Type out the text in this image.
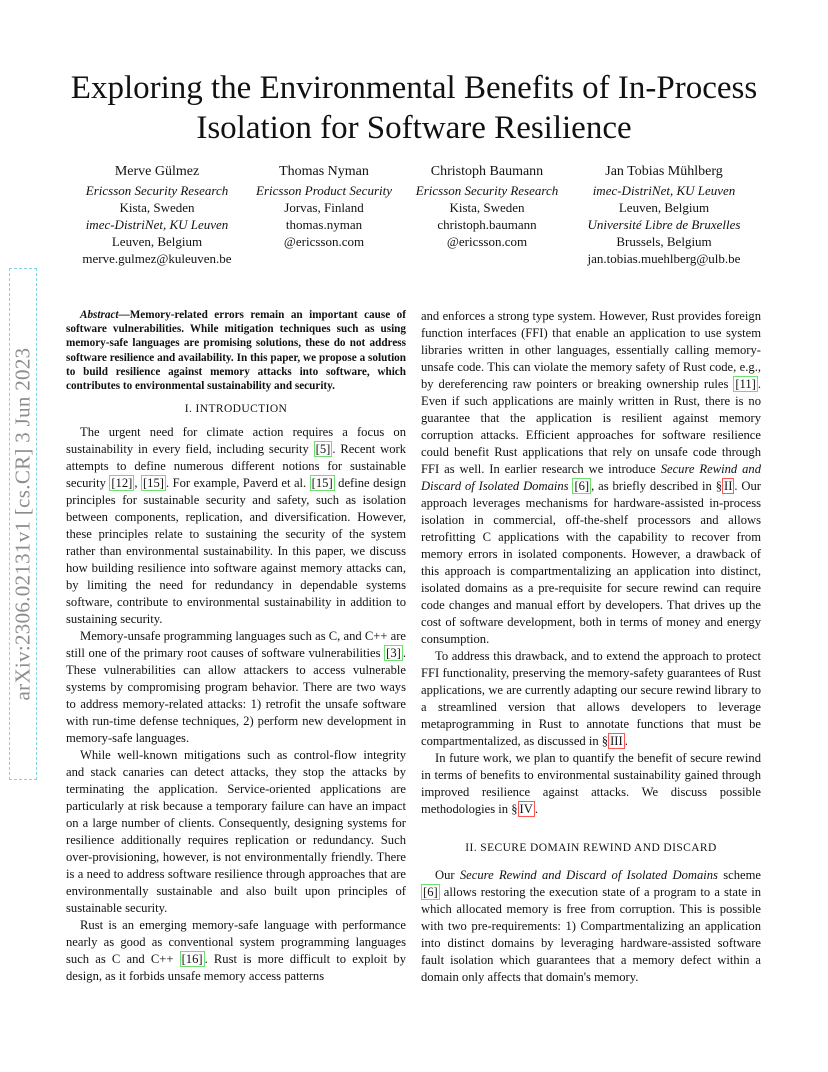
Exploring the Environmental Benefits of In-Process
Isolation for Software Resilience
Merve Gülmez
Ericsson Security Research
Kista, Sweden
imec-DistriNet, KU Leuven
Leuven, Belgium
merve.gulmez@kuleuven.be
Thomas Nyman
Ericsson Product Security
Jorvas, Finland
thomas.nyman
@ericsson.com
Christoph Baumann
Ericsson Security Research
Kista, Sweden
christoph.baumann
@ericsson.com
Jan Tobias Mühlberg
imec-DistriNet, KU Leuven
Leuven, Belgium
Université Libre de Bruxelles
Brussels, Belgium
jan.tobias.muehlberg@ulb.be
arXiv:2306.02131v1 [cs.CR] 3 Jun 2023

Abstract—Memory-related errors remain an important cause of software vulnerabilities. While mitigation techniques such as using memory-safe languages are promising solutions, these do not address software resilience and availability. In this paper, we propose a solution to build resilience against memory attacks into software, which contributes to environmental sustainability and security.

I. INTRODUCTION

The urgent need for climate action requires a focus on sustainability in every field, including security [5] . Recent work attempts to define numerous different notions for sustainable security [12] , [15] . For example, Paverd et al. [15] define design principles for sustainable security and safety, such as isolation between components, replication, and diversification. However, these principles relate to sustaining the security of the system rather than environmental sustainability. In this paper, we discuss how building resilience into software against memory attacks can, by limiting the need for redundancy in dependable systems software, contribute to environmental sustainability in addition to sustaining security.

Memory-unsafe programming languages such as C, and C++ are still one of the primary root causes of software vulnerabilities [3] . These vulnerabilities can allow attackers to access vulnerable systems by compromising program behavior. There are two ways to address memory-related attacks: 1) retrofit the unsafe software with run-time defense techniques, 2) perform new development in memory-safe languages.

While well-known mitigations such as control-flow integrity and stack canaries can detect attacks, they stop the attacks by terminating the application. Service-oriented applications are particularly at risk because a temporary failure can have an impact on a large number of clients. Consequently, designing systems for resilience additionally requires replication or redundancy. Such over-provisioning, however, is not environmentally friendly. There is a need to address software resilience through approaches that are environmentally sustainable and also built upon principles of sustainable security.

Rust is an emerging memory-safe language with performance nearly as good as conventional system programming languages such as C and C++ [16] . Rust is more difficult to exploit by design, as it forbids unsafe memory access patterns

and enforces a strong type system. However, Rust provides foreign function interfaces (FFI) that enable an application to use system libraries written in other languages, essentially calling memory-unsafe code. This can violate the memory safety of Rust code, e.g., by dereferencing raw pointers or breaking ownership rules [11] . Even if such applications are mainly written in Rust, there is no guarantee that the application is resilient against memory corruption attacks. Efficient approaches for software resilience could benefit Rust applications that rely on unsafe code through FFI as well. In earlier research we introduce Secure Rewind and Discard of Isolated Domains [6] , as briefly described in § II . Our approach leverages mechanisms for hardware-assisted in-process isolation in commercial, off-the-shelf processors and allows retrofitting C applications with the capability to recover from memory errors in isolated components. However, a drawback of this approach is compartmentalizing an application into distinct, isolated domains as a pre-requisite for secure rewind can require code changes and manual effort by developers. That drives up the cost of software development, both in terms of money and energy consumption.

To address this drawback, and to extend the approach to protect FFI functionality, preserving the memory-safety guarantees of Rust applications, we are currently adapting our secure rewind library to a streamlined version that allows developers to leverage metaprogramming in Rust to annotate functions that must be compartmentalized, as discussed in § III .

In future work, we plan to quantify the benefit of secure rewind in terms of benefits to environmental sustainability gained through improved resilience against attacks. We discuss possible methodologies in § IV .

II. SECURE DOMAIN REWIND AND DISCARD

Our Secure Rewind and Discard of Isolated Domains scheme [6] allows restoring the execution state of a program to a state in which allocated memory is free from corruption. This is possible with two pre-requirements: 1) Compartmentalizing an application into distinct domains by leveraging hardware-assisted software fault isolation which guarantees that a memory defect within a domain only affects that domain's memory.
